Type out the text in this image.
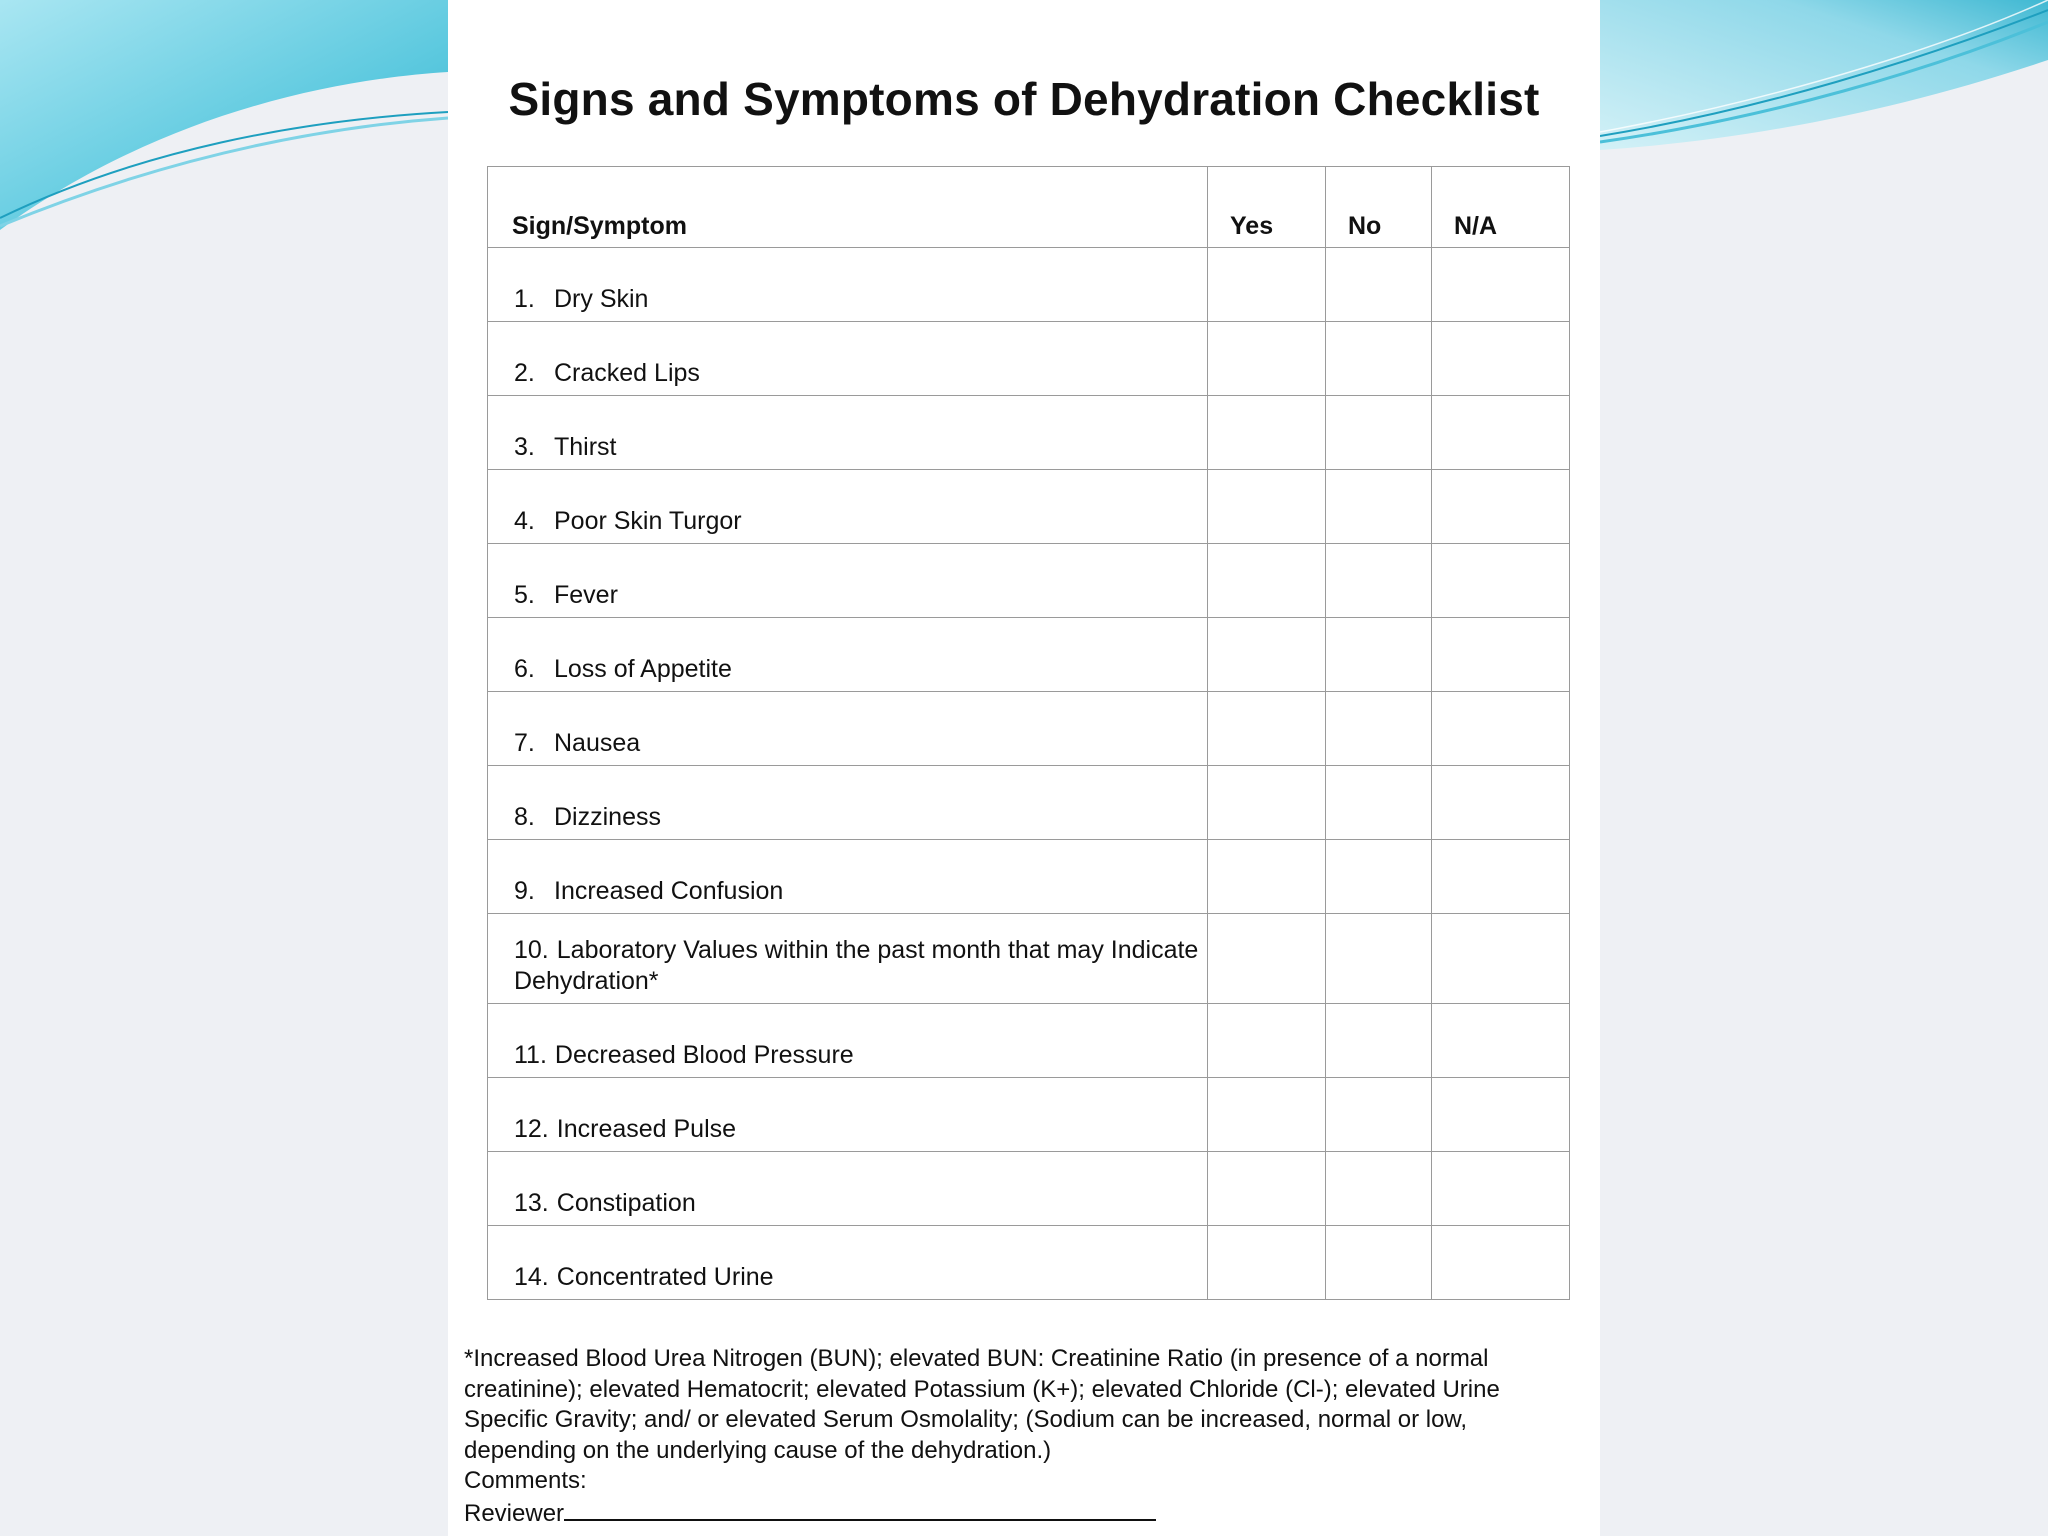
Signs and Symptoms of Dehydration Checklist
Sign/Symptom	Yes	No	N/A
1. Dry Skin			
2. Cracked Lips			
3. Thirst			
4. Poor Skin Turgor			
5. Fever			
6. Loss of Appetite			
7. Nausea			
8. Dizziness			
9. Increased Confusion			
10. Laboratory Values within the past month that may Indicate Dehydration*			
11. Decreased Blood Pressure			
12. Increased Pulse			
13. Constipation			
14. Concentrated Urine			
*Increased Blood Urea Nitrogen (BUN); elevated BUN: Creatinine Ratio (in presence of a normal creatinine); elevated Hematocrit; elevated Potassium (K+); elevated Chloride (Cl-); elevated Urine Specific Gravity; and/ or elevated Serum Osmolality; (Sodium can be increased, normal or low, depending on the underlying cause of the dehydration.)
Comments:
Reviewer
